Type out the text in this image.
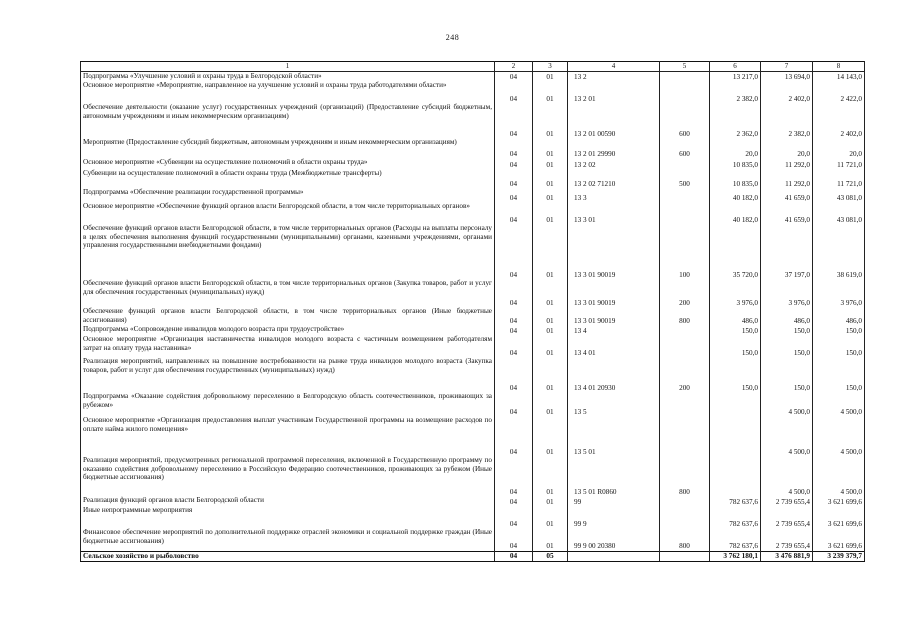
248
1	2	3	4	5	6	7	8
Подпрограмма «Улучшение условий и охраны труда в Белгородской области»	04	01	13 2		13 217,0	13 694,0	14 143,0
Основное мероприятие «Мероприятие, направленное на улучшение условий и охраны труда работодателями области»	04	01	13 2 01		2 382,0	2 402,0	2 422,0
Обеспечение деятельности (оказание услуг) государственных учреждений (организаций) (Предоставление субсидий бюджетным, автономным учреждениям и иным некоммерческим организациям)	04	01	13 2 01 00590	600	2 362,0	2 382,0	2 402,0
Мероприятие (Предоставление субсидий бюджетным, автономным учреждениям и иным некоммерческим организациям)	04	01	13 2 01 29990	600	20,0	20,0	20,0
Основное мероприятие «Субвенции на осуществление полномочий в области охраны труда»	04	01	13 2 02		10 835,0	11 292,0	11 721,0
Субвенции на осуществление полномочий в области охраны труда (Межбюджетные трансферты)	04	01	13 2 02 71210	500	10 835,0	11 292,0	11 721,0
Подпрограмма «Обеспечение реализации государственной программы»	04	01	13 3		40 182,0	41 659,0	43 081,0
Основное мероприятие «Обеспечение функций органов власти Белгородской области, в том числе территориальных органов»	04	01	13 3 01		40 182,0	41 659,0	43 081,0
Обеспечение функций органов власти Белгородской области, в том числе территориальных органов (Расходы на выплаты персоналу в целях обеспечения выполнения функций государственными (муниципальными) органами, казенными учреждениями, органами управления государственными внебюджетными фондами)	04	01	13 3 01 90019	100	35 720,0	37 197,0	38 619,0
Обеспечение функций органов власти Белгородской области, в том числе территориальных органов (Закупка товаров, работ и услуг для обеспечения государственных (муниципальных) нужд)	04	01	13 3 01 90019	200	3 976,0	3 976,0	3 976,0
Обеспечение функций органов власти Белгородской области, в том числе территориальных органов (Иные бюджетные ассигнования)	04	01	13 3 01 90019	800	486,0	486,0	486,0
Подпрограмма «Сопровождение инвалидов молодого возраста при трудоустройстве»	04	01	13 4		150,0	150,0	150,0
Основное мероприятие «Организация наставничества инвалидов молодого возраста с частичным возмещением работодателям затрат на оплату труда наставника»	04	01	13 4 01		150,0	150,0	150,0
Реализация мероприятий, направленных на повышение востребованности на рынке труда инвалидов молодого возраста (Закупка товаров, работ и услуг для обеспечения государственных (муниципальных) нужд)	04	01	13 4 01 20930	200	150,0	150,0	150,0
Подпрограмма «Оказание содействия добровольному переселению в Белгородскую область соотечественников, проживающих за рубежом»	04	01	13 5			4 500,0	4 500,0
Основное мероприятие «Организация предоставления выплат участникам Государственной программы на возмещение расходов по оплате найма жилого помещения»	04	01	13 5 01			4 500,0	4 500,0
Реализация мероприятий, предусмотренных региональной программой переселения, включенной в Государственную программу по оказанию содействия добровольному переселению в Российскую Федерацию соотечественников, проживающих за рубежом (Иные бюджетные ассигнования)	04	01	13 5 01 R0860	800		4 500,0	4 500,0
Реализация функций органов власти Белгородской области	04	01	99		782 637,6	2 739 655,4	3 621 699,6
Иные непрограммные мероприятия	04	01	99 9		782 637,6	2 739 655,4	3 621 699,6
Финансовое обеспечение мероприятий по дополнительной поддержке отраслей экономики и социальной поддержке граждан (Иные бюджетные ассигнования)	04	01	99 9 00 20380	800	782 637,6	2 739 655,4	3 621 699,6
Сельское хозяйство и рыболовство	04	05			3 762 180,1	3 476 881,9	3 239 379,7
